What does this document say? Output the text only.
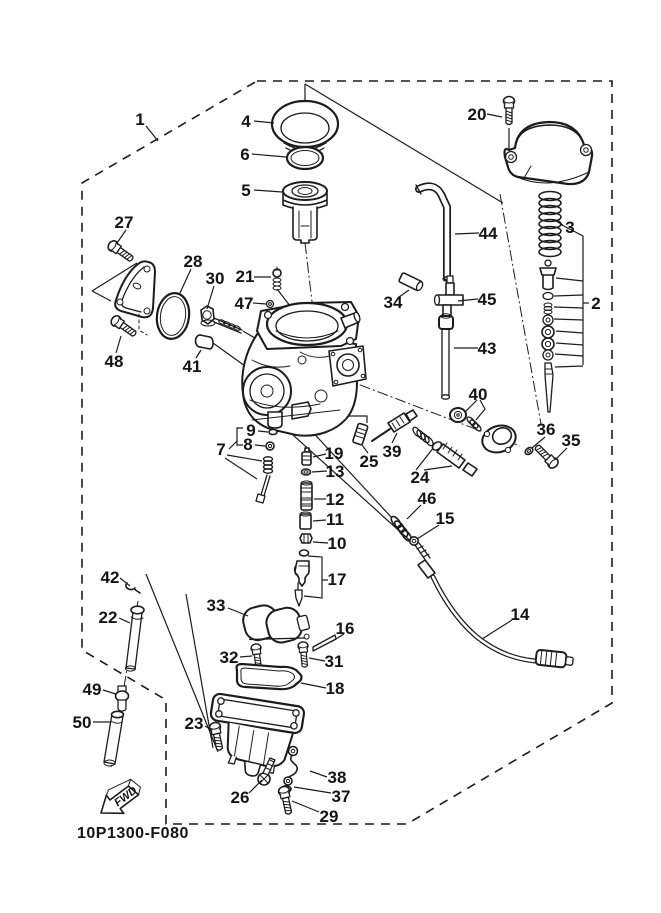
FWD
10P1300-F080
1	4
6
5
20
44	3
2
27
28
30 21
47	34	45
43
48	41
40
36
35
9
8
7	19
13
25
39
24
12
11
46
15
10
17
42
22
33
16
14
32	31
18
49
50	23
26
38
37
29
